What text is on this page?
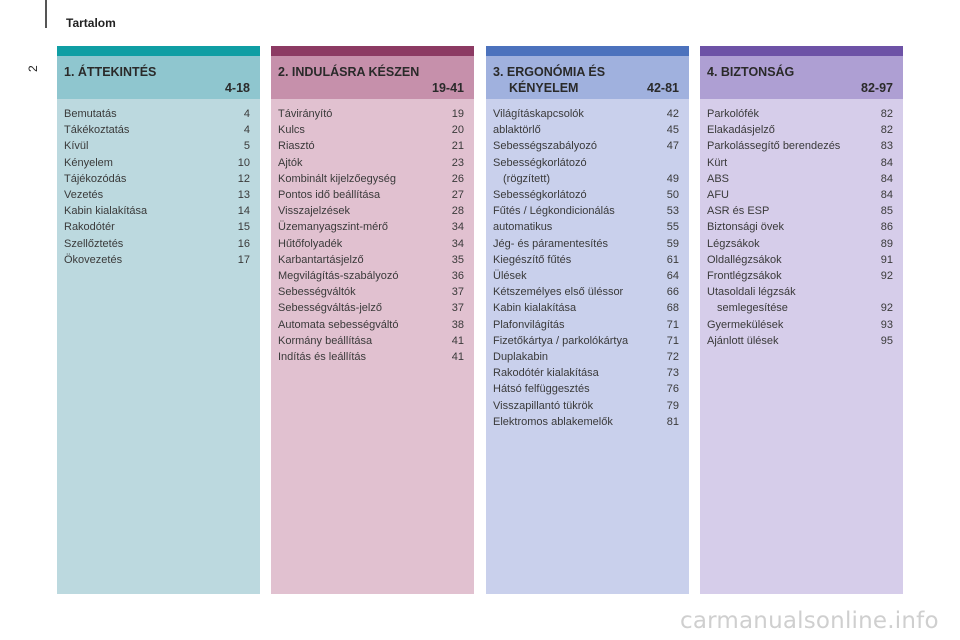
Tartalom
2 1. ÁTTEKINTÉS
4-18
Bemutatás	4
Tákékoztatás	4
Kívül	5
Kényelem	10
Tájékozódás	12
Vezetés	13
Kabin kialakítása	14
Rakodótér	15
Szellőztetés	16
Ökovezetés	17
2. INDULÁSRA KÉSZEN
19-41
Távirányító	19
Kulcs	20
Riasztó	21
Ajtók	23
Kombinált kijelzőegység	26
Pontos idő beállítása	27
Visszajelzések	28
Üzemanyagszint-mérő	34
Hűtőfolyadék	34
Karbantartásjelző	35
Megvilágítás-szabályozó	36
Sebességváltók	37
Sebességváltás-jelző	37
Automata sebességváltó	38
Kormány beállítása	41
Indítás és leállítás	41
3. ERGONÓMIA ÉS
KÉNYELEM	42-81
Világításkapcsolók	42
ablaktörlő	45
Sebességszabályozó	47
Sebességkorlátozó
(rögzített)	49
Sebességkorlátozó	50
Fűtés / Légkondicionálás	53
automatikus	55
Jég- és páramentesítés	59
Kiegészítő fűtés	61
Ülések	64
Kétszemélyes első üléssor	66
Kabin kialakítása	68
Plafonvilágítás	71
Fizetőkártya / parkolókártya	71
Duplakabin	72
Rakodótér kialakítása	73
Hátsó felfüggesztés	76
Visszapillantó tükrök	79
Elektromos ablakemelők	81
4. BIZTONSÁG
82-97
Parkolófék	82
Elakadásjelző	82
Parkolássegítő berendezés	83
Kürt	84
ABS	84
AFU	84
ASR és ESP	85
Biztonsági övek	86
Légzsákok	89
Oldallégzsákok	91
Frontlégzsákok	92
Utasoldali légzsák
semlegesítése	92
Gyermekülések	93
Ajánlott ülések	95
carmanualsonline.info
